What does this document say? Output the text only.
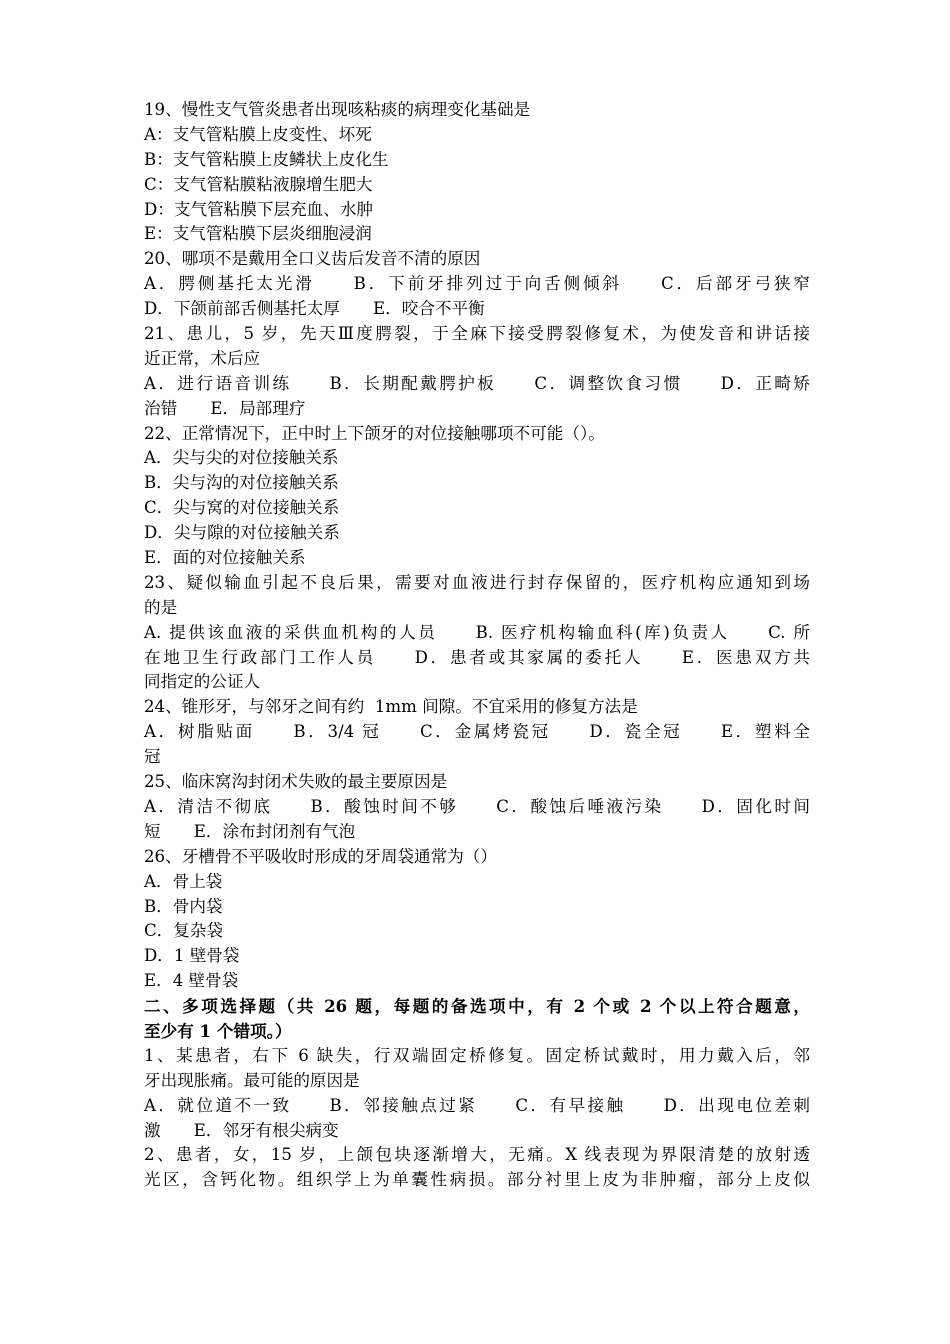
19、慢性支气管炎患者出现咳粘痰的病理变化基础是
A：支气管粘膜上皮变性、坏死
B：支气管粘膜上皮鳞状上皮化生
C：支气管粘膜粘液腺增生肥大
D：支气管粘膜下层充血、水肿
E：支气管粘膜下层炎细胞浸润
20、哪项不是戴用全口义齿后发音不清的原因
A．腭侧基托太光滑　　B．下前牙排列过于向舌侧倾斜　　C．后部牙弓狭窄
D．下颌前部舌侧基托太厚　　E．咬合不平衡
21、患儿，5 岁，先天Ⅲ度腭裂，于全麻下接受腭裂修复术，为使发音和讲话接
近正常，术后应
A．进行语音训练　　B．长期配戴腭护板　　C．调整饮食习惯　　D．正畸矫
治错　　E．局部理疗
22、正常情况下，正中时上下颌牙的对位接触哪项不可能（）。
A．尖与尖的对位接触关系
B．尖与沟的对位接触关系
C．尖与窝的对位接触关系
D．尖与隙的对位接触关系
E．面的对位接触关系
23、疑似输血引起不良后果，需要对血液进行封存保留的，医疗机构应通知到场
的是
A. 提供该血液的采供血机构的人员　　B. 医疗机构输血科(库)负责人　　C. 所
在地卫生行政部门工作人员　　D．患者或其家属的委托人　　E．医患双方共
同指定的公证人
24、锥形牙，与邻牙之间有约  1mm 间隙。不宜采用的修复方法是
A．树脂贴面　　B．3/4 冠　　C．金属烤瓷冠　　D．瓷全冠　　E．塑料全
冠
25、临床窝沟封闭术失败的最主要原因是
A．清洁不彻底　　B．酸蚀时间不够　　C．酸蚀后唾液污染　　D．固化时间
短　　E．涂布封闭剂有气泡
26、牙槽骨不平吸收时形成的牙周袋通常为（）
A．骨上袋
B．骨内袋
C．复杂袋
D．1 壁骨袋
E．4 壁骨袋
二、多项选择题（共 26 题，每题的备选项中，有 2 个或 2 个以上符合题意，
至少有 1 个错项。）
1、某患者，右下 6 缺失，行双端固定桥修复。固定桥试戴时，用力戴入后，邻
牙出现胀痛。最可能的原因是
A．就位道不一致　　B．邻接触点过紧　　C．有早接触　　D．出现电位差刺
激　　E．邻牙有根尖病变
2、患者，女，15 岁，上颌包块逐渐增大，无痛。X 线表现为界限清楚的放射透
光区，含钙化物。组织学上为单囊性病损。部分衬里上皮为非肿瘤，部分上皮似
